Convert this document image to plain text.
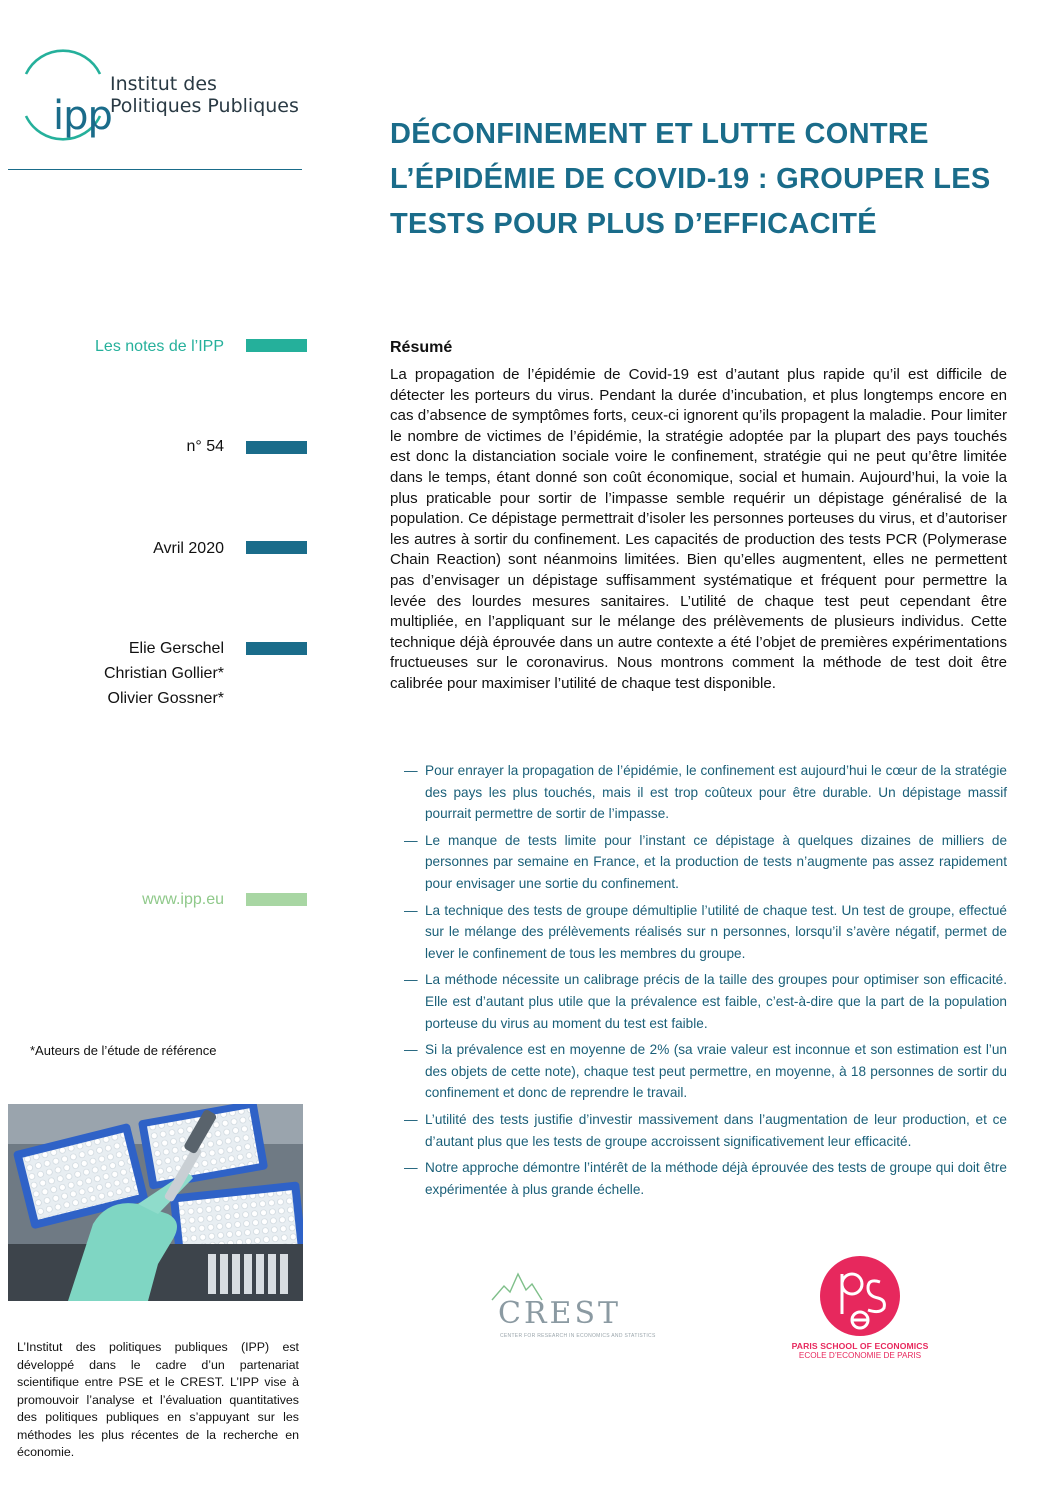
ipp
Institut des
Politiques Publiques
DÉCONFINEMENT ET LUTTE CONTRE
L’ÉPIDÉMIE DE COVID-19 : GROUPER LES
TESTS POUR PLUS D’EFFICACITÉ
Les notes de l’IPP
n° 54
Avril 2020
Elie Gerschel
Christian Gollier*
Olivier Gossner*
www.ipp.eu
*Auteurs de l’étude de référence

L’Institut des politiques publiques (IPP) est développé dans le cadre d’un partenariat scientifique entre PSE et le CREST. L’IPP vise à promouvoir l’analyse et l’évaluation quantitatives des politiques publiques en s’appuyant sur les méthodes les plus récentes de la recherche en économie.

Résumé

La propagation de l’épidémie de Covid-19 est d’autant plus rapide qu’il est difficile de détecter les porteurs du virus. Pendant la durée d’incubation, et plus longtemps encore en cas d’absence de symptômes forts, ceux-ci ignorent qu’ils propagent la maladie. Pour limiter le nombre de victimes de l’épidémie, la stratégie adoptée par la plupart des pays touchés est donc la distanciation sociale voire le confinement, stratégie qui ne peut qu’être limitée dans le temps, étant donné son coût économique, social et humain. Aujourd’hui, la voie la plus praticable pour sortir de l’impasse semble requérir un dépistage généralisé de la population. Ce dépistage permettrait d’isoler les personnes porteuses du virus, et d’autoriser les autres à sortir du confinement. Les capacités de production des tests PCR (Polymerase Chain Reaction) sont néanmoins limitées. Bien qu’elles augmentent, elles ne permettent pas d’envisager un dépistage suffisamment systématique et fréquent pour permettre la levée des lourdes mesures sanitaires. L’utilité de chaque test peut cependant être multipliée, en l’appliquant sur le mélange des prélèvements de plusieurs individus. Cette technique déjà éprouvée dans un autre contexte a été l’objet de premières expérimentations fructueuses sur le coronavirus. Nous montrons comment la méthode de test doit être calibrée pour maximiser l’utilité de chaque test disponible.

— Pour enrayer la propagation de l’épidémie, le confinement est aujourd’hui le cœur de la stratégie des pays les plus touchés, mais il est trop coûteux pour être durable. Un dépistage massif pourrait permettre de sortir de l’impasse.
— Le manque de tests limite pour l’instant ce dépistage à quelques dizaines de milliers de personnes par semaine en France, et la production de tests n’augmente pas assez rapidement pour envisager une sortie du confinement.
— La technique des tests de groupe démultiplie l’utilité de chaque test. Un test de groupe, effectué sur le mélange des prélèvements réalisés sur n personnes, lorsqu’il s’avère négatif, permet de lever le confinement de tous les membres du groupe.
— La méthode nécessite un calibrage précis de la taille des groupes pour optimiser son efficacité. Elle est d’autant plus utile que la prévalence est faible, c’est-à-dire que la part de la population porteuse du virus au moment du test est faible.
— Si la prévalence est en moyenne de 2% (sa vraie valeur est inconnue et son estimation est l’un des objets de cette note), chaque test peut permettre, en moyenne, à 18 personnes de sortir du confinement et donc de reprendre le travail.
— L’utilité des tests justifie d’investir massivement dans l’augmentation de leur production, et ce d’autant plus que les tests de groupe accroissent significativement leur efficacité.
— Notre approche démontre l’intérêt de la méthode déjà éprouvée des tests de groupe qui doit être expérimentée à plus grande échelle.
CREST
CENTER FOR RESEARCH IN ECONOMICS AND STATISTICS
PARIS SCHOOL OF ECONOMICS
ECOLE D’ECONOMIE DE PARIS
